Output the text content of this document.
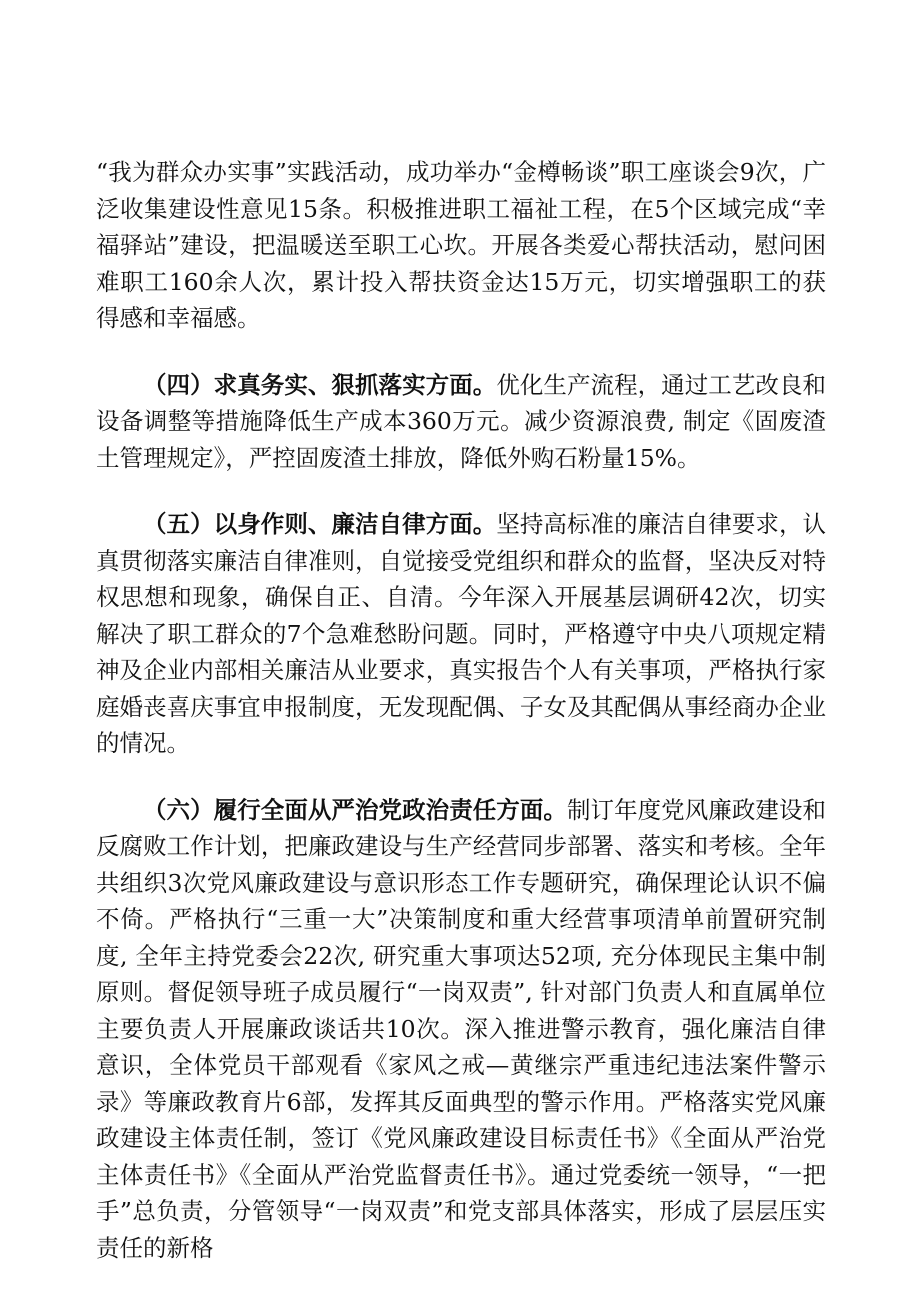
“我为群众办实事”实践活动，成功举办“金樽畅谈”职工座谈会9次，广泛收集建设性意见15条。积极推进职工福祉工程，在5个区域完成“幸福驿站”建设，把温暖送至职工心坎。开展各类爱心帮扶活动，慰问困难职工160余人次，累计投入帮扶资金达15万元，切实增强职工的获得感和幸福感。

（四）求真务实、狠抓落实方面。优化生产流程，通过工艺改良和设备调整等措施降低生产成本360万元。减少资源浪费, 制定《固废渣土管理规定》，严控固废渣土排放，降低外购石粉量15%。

（五）以身作则、廉洁自律方面。坚持高标准的廉洁自律要求，认真贯彻落实廉洁自律准则，自觉接受党组织和群众的监督，坚决反对特权思想和现象，确保自正、自清。今年深入开展基层调研42次，切实解决了职工群众的7个急难愁盼问题。同时，严格遵守中央八项规定精神及企业内部相关廉洁从业要求，真实报告个人有关事项，严格执行家庭婚丧喜庆事宜申报制度，无发现配偶、子女及其配偶从事经商办企业的情况。

（六）履行全面从严治党政治责任方面。制订年度党风廉政建设和反腐败工作计划，把廉政建设与生产经营同步部署、落实和考核。全年共组织3次党风廉政建设与意识形态工作专题研究，确保理论认识不偏不倚。严格执行“三重一大”决策制度和重大经营事项清单前置研究制度, 全年主持党委会22次, 研究重大事项达52项, 充分体现民主集中制原则。督促领导班子成员履行“一岗双责”, 针对部门负责人和直属单位主要负责人开展廉政谈话共10次。深入推进警示教育，强化廉洁自律意识，全体党员干部观看《家风之戒—黄继宗严重违纪违法案件警示录》等廉政教育片6部，发挥其反面典型的警示作用。严格落实党风廉政建设主体责任制，签订《党风廉政建设目标责任书》《全面从严治党主体责任书》《全面从严治党监督责任书》。通过党委统一领导，“一把手”总负责，分管领导“一岗双责”和党支部具体落实，形成了层层压实责任的新格
